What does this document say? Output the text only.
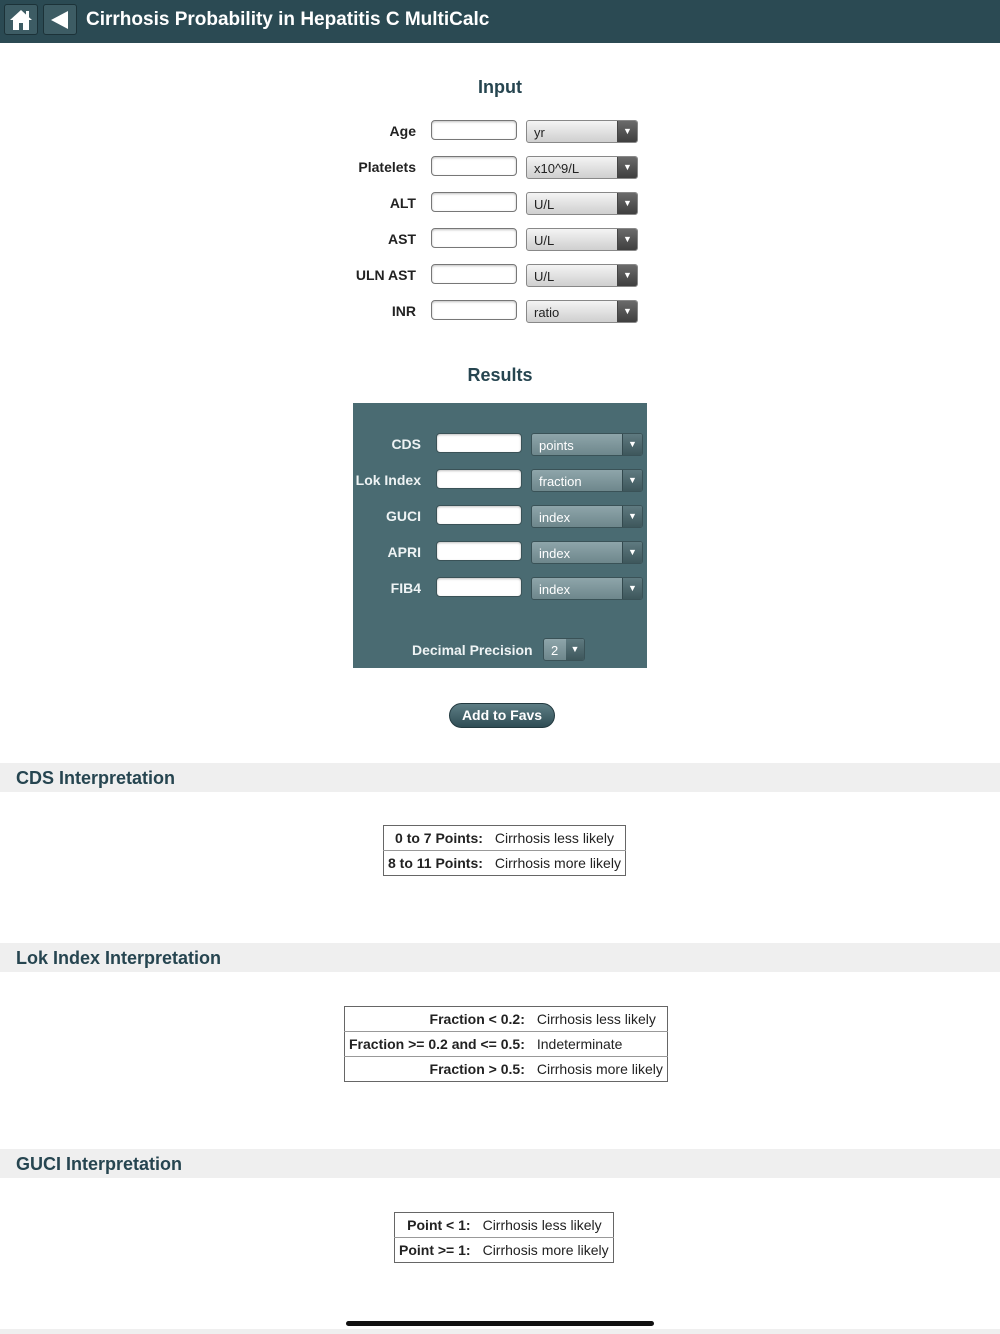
Cirrhosis Probability in Hepatitis C MultiCalc
Input
Age	yr	▼
Platelets	x10^9/L	▼
ALT	U/L	▼
AST	U/L	▼
ULN AST	U/L	▼
INR	ratio	▼
Results
CDS	points	▼
Lok Index	fraction	▼
GUCI	index	▼
APRI	index	▼
FIB4	index	▼
Decimal Precision 2	▼
Add to Favs
CDS Interpretation
0 to 7 Points:	Cirrhosis less likely
8 to 11 Points:	Cirrhosis more likely
Lok Index Interpretation
Fraction < 0.2:	Cirrhosis less likely
Fraction >= 0.2 and <= 0.5:	Indeterminate
Fraction > 0.5:	Cirrhosis more likely
GUCI Interpretation
Point < 1:	Cirrhosis less likely
Point >= 1:	Cirrhosis more likely
